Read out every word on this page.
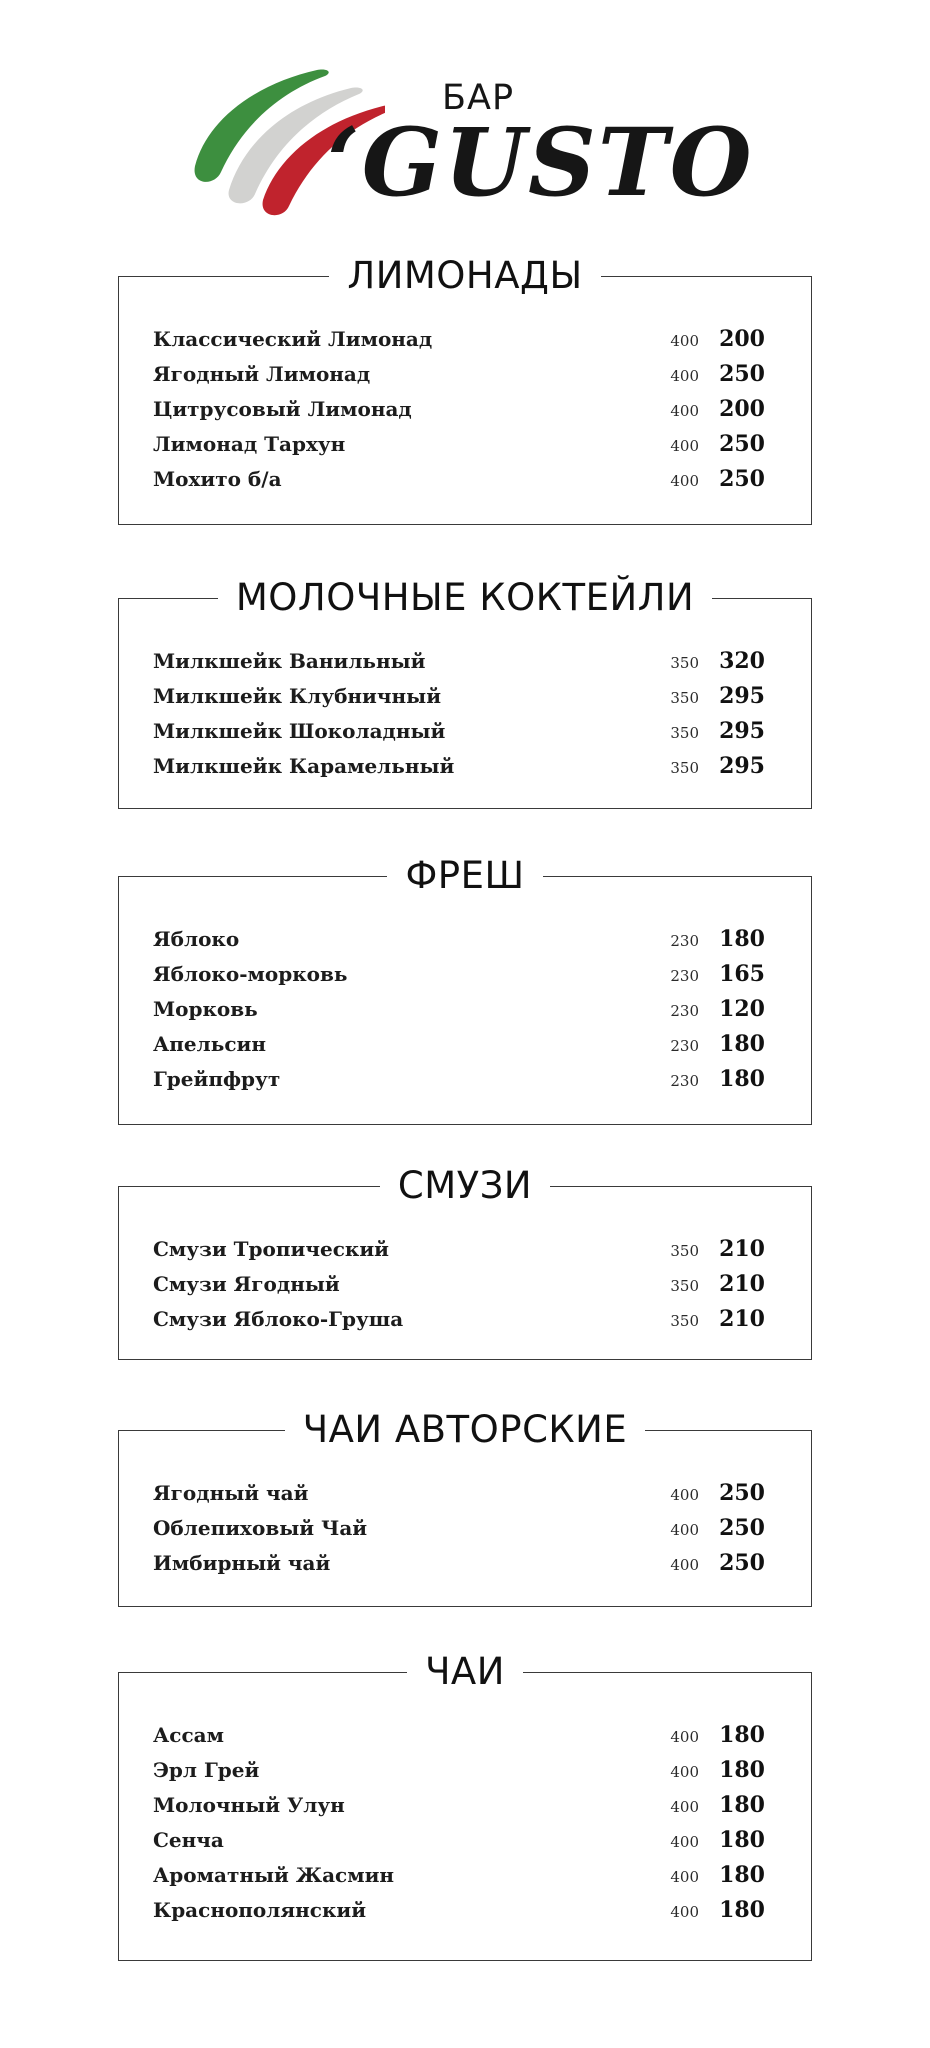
БАР
‘GUSTO
ЛИМОНАДЫ
Классический Лимонад	400 200
Ягодный Лимонад	400 250
Цитрусовый Лимонад	400 200
Лимонад Тархун	400 250
Мохито б/а	400 250
МОЛОЧНЫЕ КОКТЕЙЛИ
Милкшейк Ванильный	350 320
Милкшейк Клубничный	350 295
Милкшейк Шоколадный	350 295
Милкшейк Карамельный	350 295
ФРЕШ
Яблоко	230 180
Яблоко-морковь	230 165
Морковь	230 120
Апельсин	230 180
Грейпфрут	230 180
СМУЗИ
Смузи Тропический	350 210
Смузи Ягодный	350 210
Смузи Яблоко-Груша	350 210
ЧАИ АВТОРСКИЕ
Ягодный чай	400 250
Облепиховый Чай	400 250
Имбирный чай	400 250
ЧАИ
Ассам	400 180
Эрл Грей	400 180
Молочный Улун	400 180
Сенча	400 180
Ароматный Жасмин	400 180
Краснополянский	400 180
